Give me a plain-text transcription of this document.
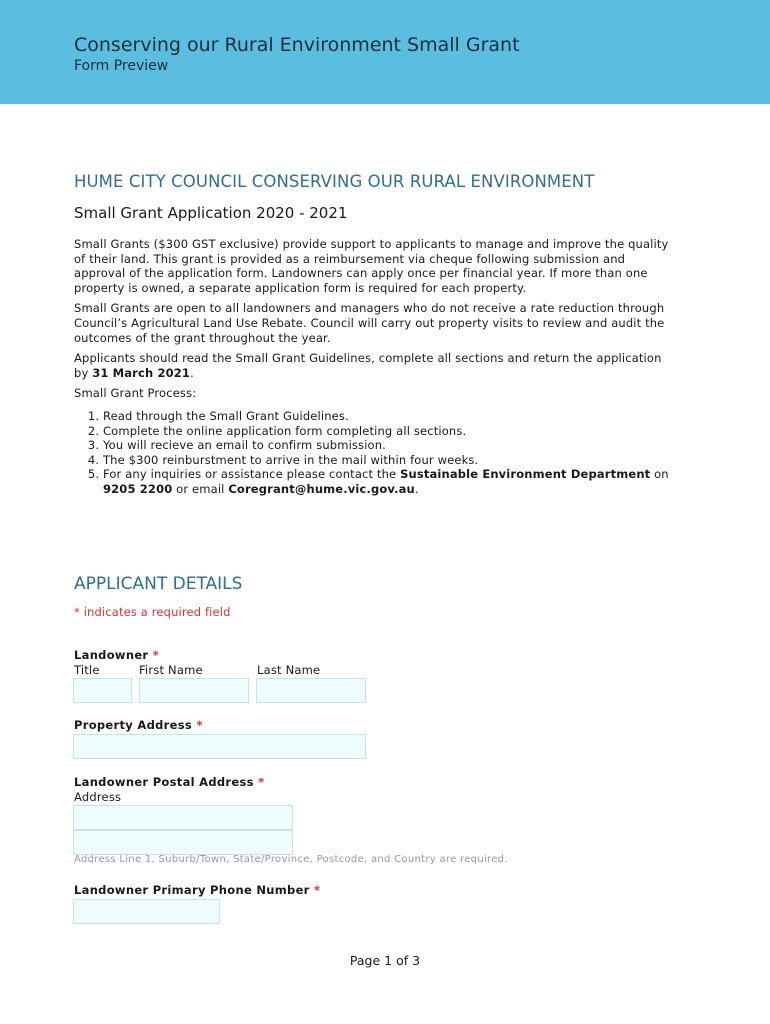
Conserving our Rural Environment Small Grant
Form Preview
HUME CITY COUNCIL CONSERVING OUR RURAL ENVIRONMENT
Small Grant Application 2020 - 2021

Small Grants ($300 GST exclusive) provide support to applicants to manage and improve the quality of their land. This grant is provided as a reimbursement via cheque following submission and approval of the application form. Landowners can apply once per financial year. If more than one property is owned, a separate application form is required for each property.

Small Grants are open to all landowners and managers who do not receive a rate reduction through Council’s Agricultural Land Use Rebate. Council will carry out property visits to review and audit the outcomes of the grant throughout the year.

Applicants should read the Small Grant Guidelines, complete all sections and return the application by 31 March 2021.

Small Grant Process:

1. Read through the Small Grant Guidelines.
2. Complete the online application form completing all sections.
3. You will recieve an email to confirm submission.
4. The $300 reinburstment to arrive in the mail within four weeks.
5. For any inquiries or assistance please contact the Sustainable Environment Department on 9205 2200 or email Coregrant@hume.vic.gov.au.
APPLICANT DETAILS
* indicates a required field
Landowner *
Title	First Name	Last Name
Property Address *
Landowner Postal Address *
Address
Address Line 1, Suburb/Town, State/Province, Postcode, and Country are required.
Landowner Primary Phone Number *
Page 1 of 3
